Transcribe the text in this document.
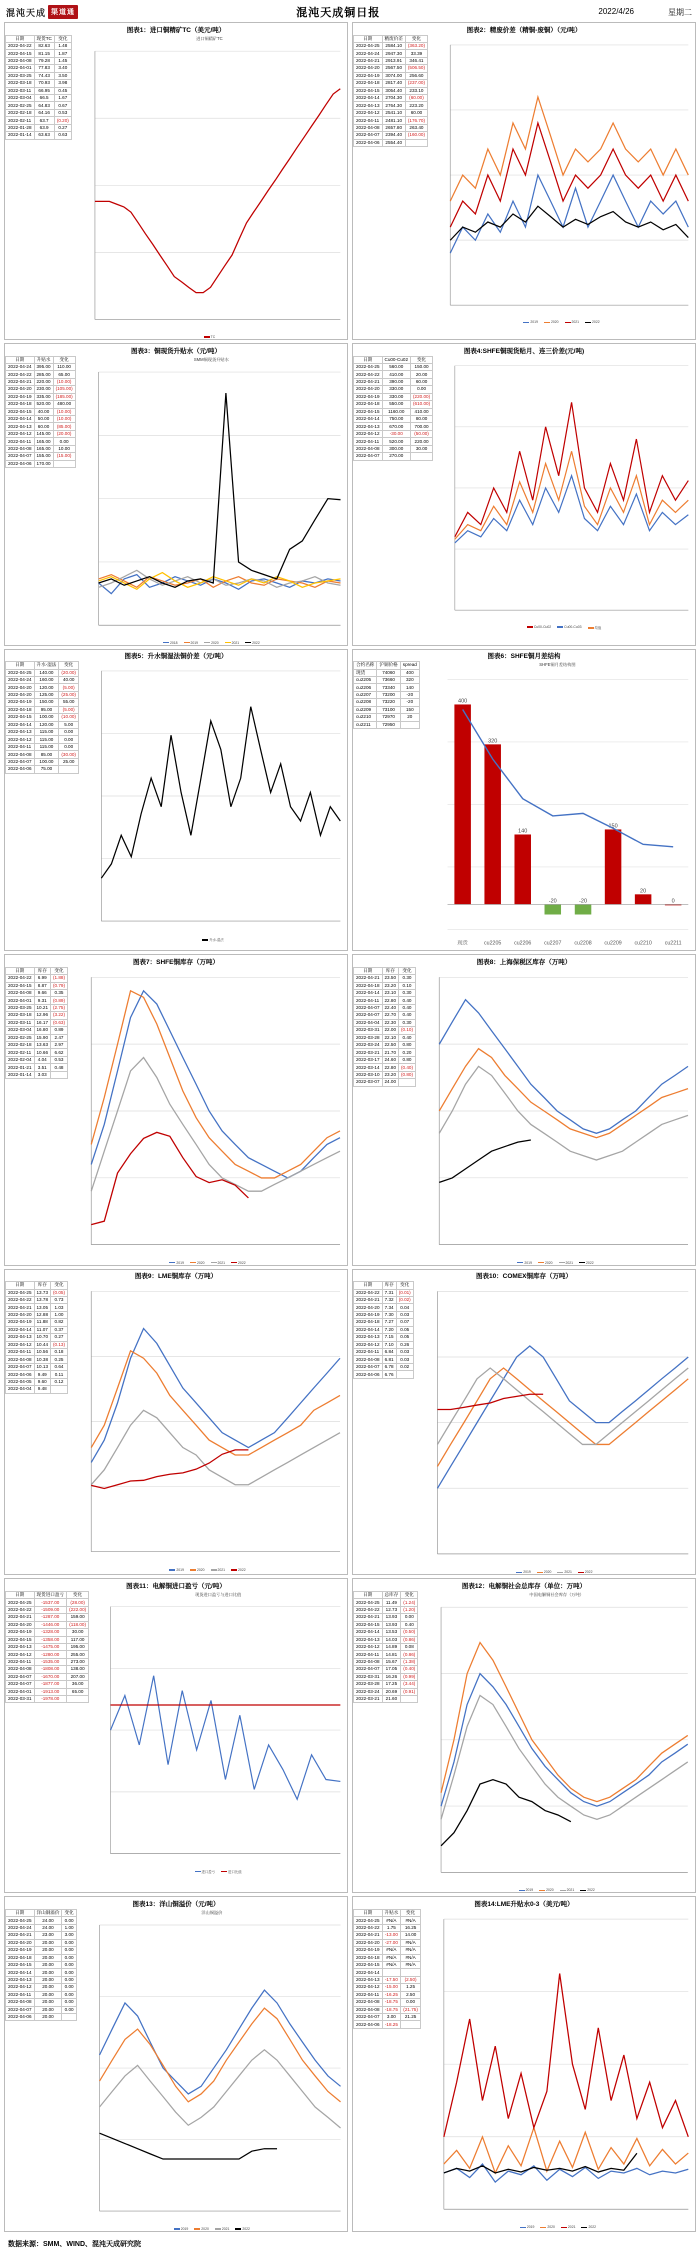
混沌天成 渠道通	混沌天成铜日报	2022/4/26	星期二
图表1：进口铜精矿TC（美元/吨）
日期	现货TC	变化
2022-04-22	82.63	1.48
2022-04-15	81.15	1.87
2022-04-08	79.28	1.45
2022-04-01	77.83	3.40
2022-03-25	74.43	3.50
2022-03-18	70.93	3.98
2022-03-11	66.95	0.45
2022-03-04	66.5	1.67
2022-02-25	64.83	0.67
2022-02-18	64.16	0.53
2022-02-11	63.7	(0.20)
2022-01-28	63.9	0.27
2022-01-14	63.63	0.63
进口铜精矿TC
TC
图表2：精废价差（精铜-废铜）（元/吨）
日期	精废价差	变化
2022-04-25	2584.10	(363.20)
2022-04-24	2947.30	33.39
2022-04-21	2913.91	346.41
2022-04-20	2567.50	(506.50)
2022-04-19	3074.00	256.60
2022-04-18	2817.40	(237.00)
2022-04-15	3054.40	233.10
2022-04-14	2704.30	(60.00)
2022-04-13	2764.30	223.20
2022-04-12	2541.10	60.00
2022-04-11	2481.10	(176.70)
2022-04-08	2657.80	263.40
2022-04-07	2394.40	(160.00)
2022-04-06	2554.40	
2019	2020	2021	2022
图表3：铜现货升贴水（元/吨）
日期	升贴水	变化
2022-04-24	395.00	110.00
2022-04-22	285.00	65.00
2022-04-21	220.00	(10.00)
2022-04-20	230.00	(105.00)
2022-04-19	335.00	(185.00)
2022-04-18	520.00	480.00
2022-04-15	40.00	(10.00)
2022-04-14	50.00	(10.00)
2022-04-13	60.00	(85.00)
2022-04-12	145.00	(20.00)
2022-04-11	165.00	0.00
2022-04-08	165.00	10.00
2022-04-07	155.00	(15.00)
2022-04-06	170.00	
SMM铜现货升贴水
2018	2019	2020	2021	2022
图表4:SHFE铜现货贴月、连三价差(元/吨)
日期	Cu00-Cu02	变化
2022-04-25	560.00	150.00
2022-04-22	410.00	20.00
2022-04-21	390.00	60.00
2022-04-20	330.00	0.00
2022-04-19	330.00	(220.00)
2022-04-18	550.00	(610.00)
2022-04-15	1160.00	410.00
2022-04-14	750.00	80.00
2022-04-13	670.00	700.00
2022-04-12	-30.00	(50.00)
2022-04-11	520.00	220.00
2022-04-08	300.00	30.00
2022-04-07	270.00	
Cu00-Cu02	Cu00-Cu03	均值
图表5：升水铜湿法铜价差（元/吨）
日期	升水-湿法	变化
2022-04-25	140.00	(20.00)
2022-04-24	160.00	40.00
2022-04-20	120.00	(5.00)
2022-04-20	125.00	(25.00)
2022-04-19	150.00	55.00
2022-04-18	95.00	(5.00)
2022-04-15	100.00	(10.00)
2022-04-14	120.00	5.00
2022-04-13	115.00	0.00
2022-04-12	115.00	0.00
2022-04-11	115.00	0.00
2022-04-08	85.00	(30.00)
2022-04-07	100.00	25.00
2022-04-06	75.00	
升水-湿法
图表6：SHFE铜月差结构
合约名称	沪铜价格	spread
现货	74060	400
cu2205	73660	320
cu2206	73340	140
cu2207	73200	-20
cu2208	73220	-20
cu2209	73100	150
cu2210	72970	20
cu2211	72950	
SHFE铜月差结构图
400
320
140
-20	-20
150
20
0
现货	cu2205	cu2206	cu2207	cu2208	cu2209	cu2210	cu2211
图表7：SHFE铜库存（万吨）
日期	库存	变化
2022-04-22	6.99	(1.88)
2022-04-15	8.87	(0.79)
2022-04-08	9.66	0.35
2022-04-01	9.31	(0.89)
2022-03-25	10.21	(2.75)
2022-03-18	12.96	(3.22)
2022-03-11	16.17	(0.63)
2022-03-04	16.80	0.89
2022-02-25	15.90	2.47
2022-02-18	13.63	2.97
2022-02-11	10.66	6.62
2022-02-04	4.04	0.53
2022-01-21	3.51	0.48
2022-01-14	3.03	
2019	2020	2021	2022
图表8：上海保税区库存（万吨）
日期	库存	变化
2022-04-21	23.50	0.30
2022-04-18	23.20	0.10
2022-04-14	23.10	0.30
2022-04-11	22.80	0.40
2022-04-07	22.40	0.40
2022-04-07	22.70	0.40
2022-04-04	22.30	0.30
2022-03-31	22.00	(0.10)
2022-03-28	22.10	0.40
2022-03-24	22.50	0.80
2022-03-21	21.70	0.20
2022-03-17	24.60	0.80
2022-03-14	22.80	(0.40)
2022-03-10	23.20	(0.80)
2022-03-07	24.00	
2019	2020	2021	2022
图表9：LME铜库存（万吨）
日期	库存	变化
2022-04-25	13.73	(0.05)
2022-04-22	13.78	0.73
2022-04-21	13.05	1.03
2022-04-20	12.88	1.00
2022-04-19	11.88	0.82
2022-04-14	11.07	0.37
2022-04-13	10.70	0.27
2022-04-12	10.44	(0.13)
2022-04-11	10.56	0.18
2022-04-08	10.38	0.25
2022-04-07	10.13	0.64
2022-04-06	9.49	0.11
2022-04-05	9.60	0.12
2022-04-04	9.48	
2019	2020	2021	2022
图表10：COMEX铜库存（万吨）
日期	库存	变化
2022-04-22	7.31	(0.01)
2022-04-21	7.32	(0.02)
2022-04-20	7.34	0.04
2022-04-19	7.30	0.03
2022-04-18	7.27	0.07
2022-04-14	7.20	0.05
2022-04-13	7.15	0.05
2022-04-12	7.10	0.26
2022-04-11	6.84	0.03
2022-04-08	6.81	0.03
2022-04-07	6.78	0.02
2022-04-06	6.76	
2019	2020	2021	2022
图表11：电解铜进口盈亏（元/吨）
日期	现货进口盈亏	变化
2022-04-25	-1537.00	(28.00)
2022-04-22	-1509.00	(222.00)
2022-04-21	-1287.00	159.00
2022-04-20	-1446.00	(118.00)
2022-04-19	-1328.00	30.00
2022-04-15	-1358.00	117.00
2022-04-13	-1475.00	195.00
2022-04-12	-1280.00	255.00
2022-04-11	-1535.00	273.00
2022-04-08	-1808.00	138.00
2022-04-07	-1670.00	207.00
2022-04-07	-1877.00	36.00
2022-04-01	-1913.00	65.00
2022-03-31	-1978.00	
现货进口盈亏与进口比值
进口盈亏	进口比值
图表12：电解铜社会总库存（单位：万吨）
日期	总库存	变化
2022-04-25	11.49	(1.24)
2022-04-22	12.73	(1.20)
2022-04-21	13.93	0.00
2022-04-15	13.93	0.40
2022-04-14	13.53	(0.50)
2022-04-13	14.03	(0.86)
2022-04-12	14.89	0.08
2022-04-11	14.81	(0.86)
2022-04-08	15.67	(1.38)
2022-04-07	17.05	(0.40)
2022-03-31	16.26	(0.99)
2022-03-28	17.25	(3.44)
2022-03-24	20.69	(0.91)
2022-03-21	21.60	
中国电解铜社会库存（万吨）
2019	2020	2021	2022
图表13：洋山铜溢价（元/吨）
日期	洋山铜溢价	变化
2022-04-25	24.00	0.00
2022-04-24	24.00	1.00
2022-04-21	23.00	3.00
2022-04-20	20.00	0.00
2022-04-19	20.00	0.00
2022-04-18	20.00	0.00
2022-04-15	20.00	0.00
2022-04-14	20.00	0.00
2022-04-13	20.00	0.00
2022-04-12	20.00	0.00
2022-04-11	20.00	0.00
2022-04-08	20.00	0.00
2022-04-07	20.00	0.00
2022-04-06	20.00	
洋山铜溢价
2019	2020	2021	2022
图表14:LME升贴水0-3（美元/吨）
日期	升贴水	变化
2022-04-25	#N/A	#N/A
2022-04-22	1.75	16.25
2022-04-21	-13.00	14.00
2022-04-20	-27.00	#N/A
2022-04-19	#N/A	#N/A
2022-04-18	#N/A	#N/A
2022-04-15	#N/A	#N/A
2022-04-14		
2022-04-13	-17.50	(2.50)
2022-04-12	-15.00	1.25
2022-04-11	-16.25	2.50
2022-04-08	-18.75	0.00
2022-04-08	-18.75	(21.75)
2022-04-07	3.00	21.25
2022-04-06	-18.25	
2019	2020	2021	2022
数据来源：SMM、WIND、混沌天成研究院
